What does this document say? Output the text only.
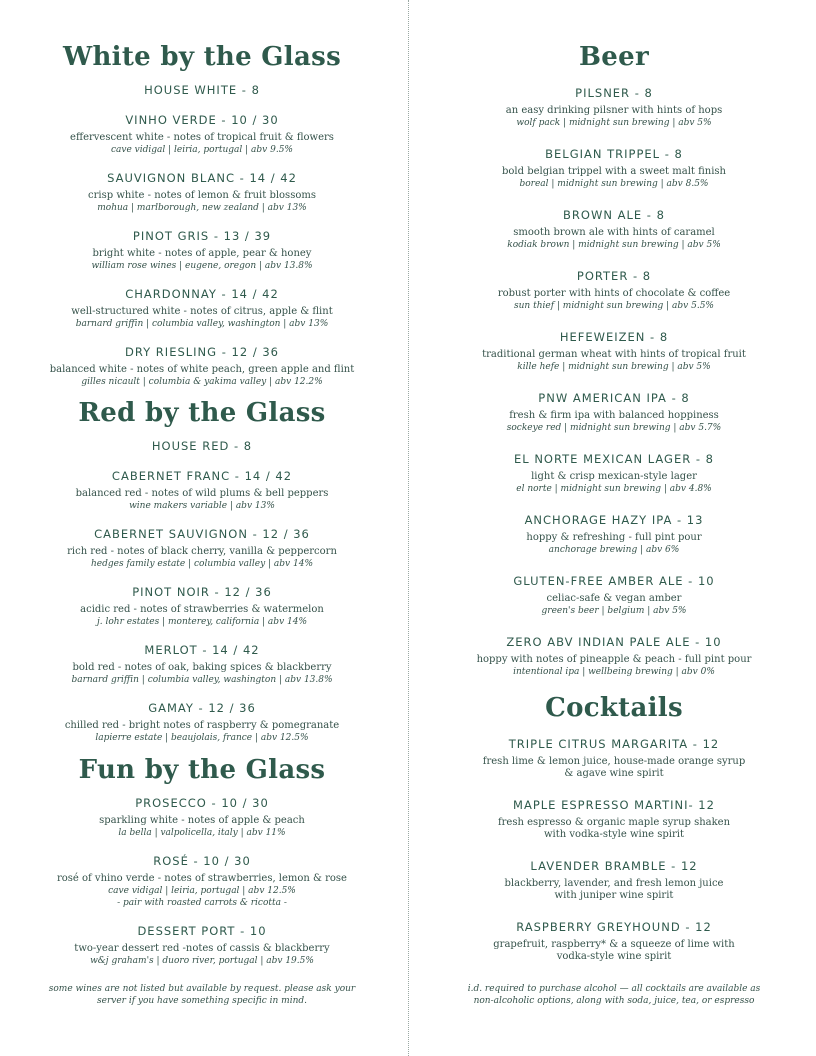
White by the Glass
HOUSE WHITE - 8
VINHO VERDE - 10 / 30
effervescent white - notes of tropical fruit & flowers
cave vidigal | leiria, portugal | abv 9.5%
SAUVIGNON BLANC - 14 / 42
crisp white - notes of lemon & fruit blossoms
mohua | marlborough, new zealand | abv 13%
PINOT GRIS - 13 / 39
bright white - notes of apple, pear & honey
william rose wines | eugene, oregon | abv 13.8%
CHARDONNAY - 14 / 42
well-structured white - notes of citrus, apple & flint
barnard griffin | columbia valley, washington | abv 13%
DRY RIESLING - 12 / 36
balanced white - notes of white peach, green apple and flint
gilles nicault | columbia & yakima valley | abv 12.2%
Red by the Glass
HOUSE RED - 8
CABERNET FRANC - 14 / 42
balanced red - notes of wild plums & bell peppers
wine makers variable | abv 13%
CABERNET SAUVIGNON - 12 / 36
rich red - notes of black cherry, vanilla & peppercorn
hedges family estate | columbia valley | abv 14%
PINOT NOIR - 12 / 36
acidic red - notes of strawberries & watermelon
j. lohr estates | monterey, california | abv 14%
MERLOT - 14 / 42
bold red - notes of oak, baking spices & blackberry
barnard griffin | columbia valley, washington | abv 13.8%
GAMAY - 12 / 36
chilled red - bright notes of raspberry & pomegranate
lapierre estate | beaujolais, france | abv 12.5%
Fun by the Glass
PROSECCO - 10 / 30
sparkling white - notes of apple & peach
la bella | valpolicella, italy | abv 11%
ROSÉ - 10 / 30
rosé of vhino verde - notes of strawberries, lemon & rose
cave vidigal | leiria, portugal | abv 12.5%
- pair with roasted carrots & ricotta -
DESSERT PORT - 10
two-year dessert red -notes of cassis & blackberry
w&j graham's | duoro river, portugal | abv 19.5%
some wines are not listed but available by request. please ask your
server if you have something specific in mind.
Beer
PILSNER - 8
an easy drinking pilsner with hints of hops
wolf pack | midnight sun brewing | abv 5%
BELGIAN TRIPPEL - 8
bold belgian trippel with a sweet malt finish
boreal | midnight sun brewing | abv 8.5%
BROWN ALE - 8
smooth brown ale with hints of caramel
kodiak brown | midnight sun brewing | abv 5%
PORTER - 8
robust porter with hints of chocolate & coffee
sun thief | midnight sun brewing | abv 5.5%
HEFEWEIZEN - 8
traditional german wheat with hints of tropical fruit
kille hefe | midnight sun brewing | abv 5%
PNW AMERICAN IPA - 8
fresh & firm ipa with balanced hoppiness
sockeye red | midnight sun brewing | abv 5.7%
EL NORTE MEXICAN LAGER - 8
light & crisp mexican-style lager
el norte | midnight sun brewing | abv 4.8%
ANCHORAGE HAZY IPA - 13
hoppy & refreshing - full pint pour
anchorage brewing | abv 6%
GLUTEN-FREE AMBER ALE - 10
celiac-safe & vegan amber
green's beer | belgium | abv 5%
ZERO ABV INDIAN PALE ALE - 10
hoppy with notes of pineapple & peach - full pint pour
intentional ipa | wellbeing brewing | abv 0%
Cocktails
TRIPLE CITRUS MARGARITA - 12
fresh lime & lemon juice, house-made orange syrup
& agave wine spirit
MAPLE ESPRESSO MARTINI- 12
fresh espresso & organic maple syrup shaken
with vodka-style wine spirit
LAVENDER BRAMBLE - 12
blackberry, lavender, and fresh lemon juice
with juniper wine spirit
RASPBERRY GREYHOUND - 12
grapefruit, raspberry* & a squeeze of lime with
vodka-style wine spirit
i.d. required to purchase alcohol — all cocktails are available as
non-alcoholic options, along with soda, juice, tea, or espresso
